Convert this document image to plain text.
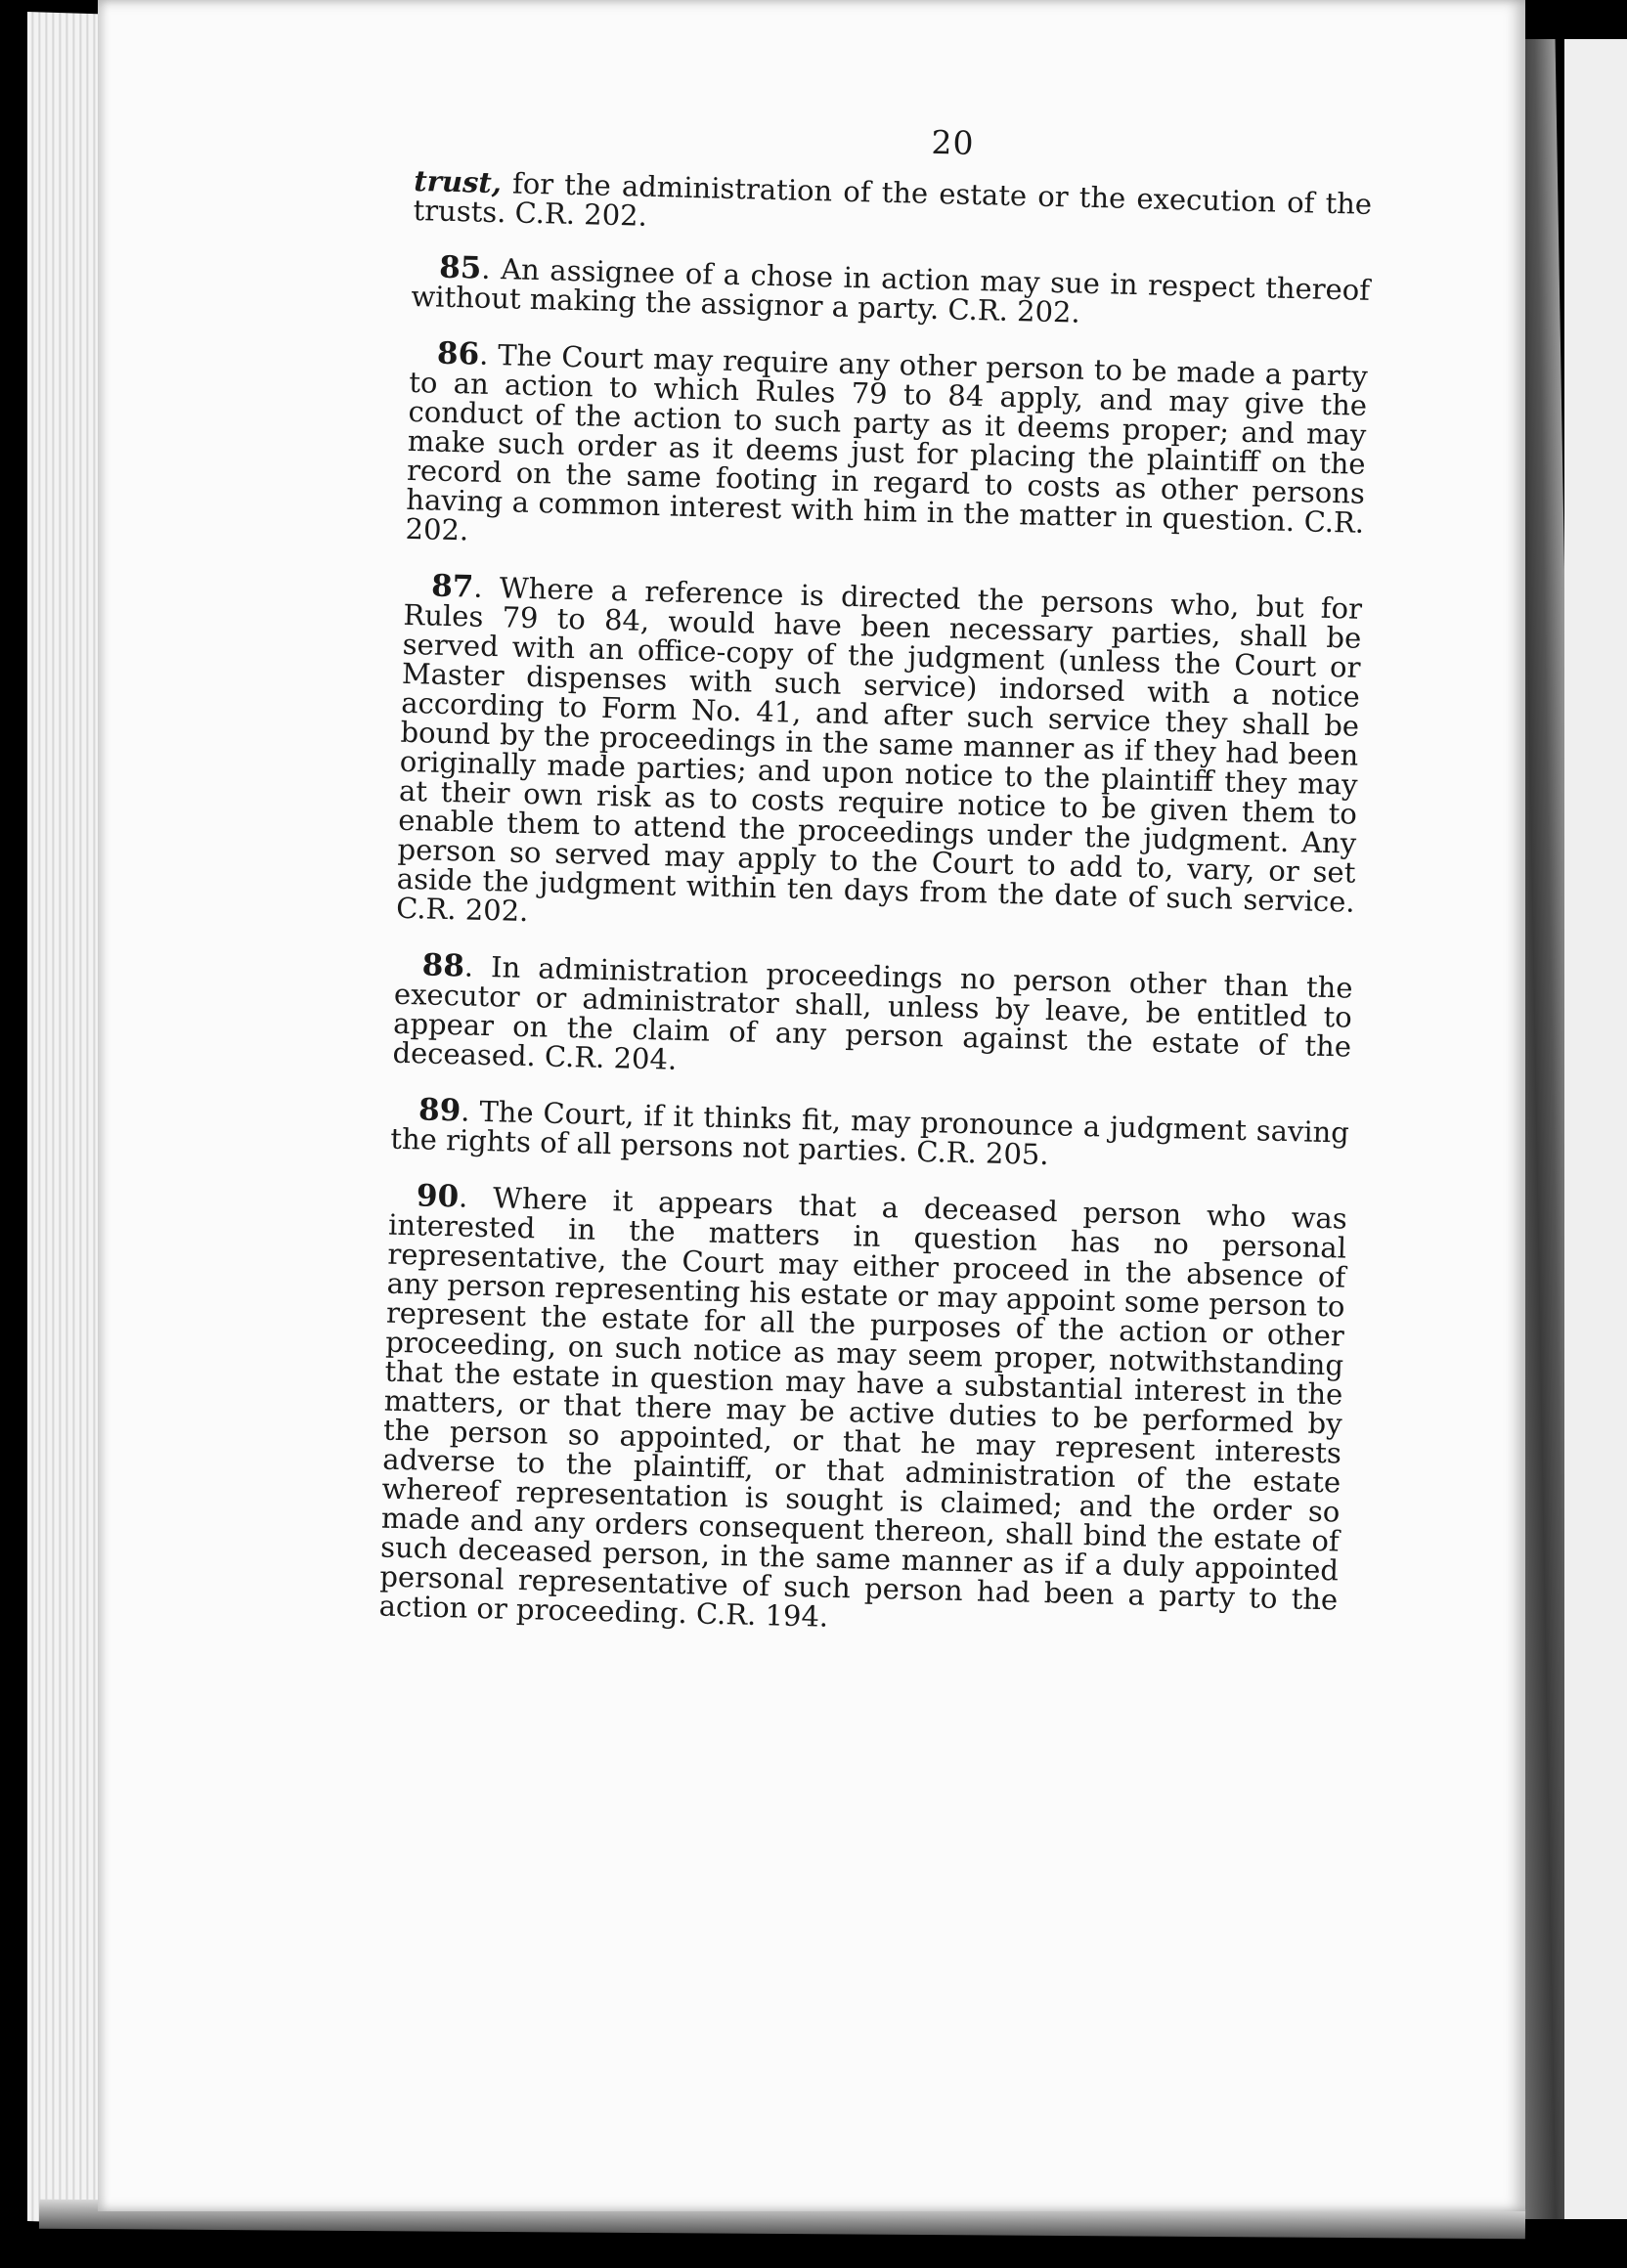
20

trust, for the administration of the estate or the execution of the trusts. C.R. 202.

85. An assignee of a chose in action may sue in respect thereof without making the assignor a party. C.R. 202.

86. The Court may require any other person to be made a party to an action to which Rules 79 to 84 apply, and may give the conduct of the action to such party as it deems proper; and may make such order as it deems just for placing the plaintiff on the record on the same footing in regard to costs as other persons having a common interest with him in the matter in question. C.R. 202.

87. Where a reference is directed the persons who, but for Rules 79 to 84, would have been necessary parties, shall be served with an office-copy of the judgment (unless the Court or Master dispenses with such service) indorsed with a notice according to Form No. 41, and after such service they shall be bound by the proceedings in the same manner as if they had been originally made parties; and upon notice to the plaintiff they may at their own risk as to costs require notice to be given them to enable them to attend the proceedings under the judgment. Any person so served may apply to the Court to add to, vary, or set aside the judgment within ten days from the date of such service. C.R. 202.

88. In administration proceedings no person other than the executor or administrator shall, unless by leave, be entitled to appear on the claim of any person against the estate of the deceased. C.R. 204.

89. The Court, if it thinks fit, may pronounce a judgment saving the rights of all persons not parties. C.R. 205.

90. Where it appears that a deceased person who was interested in the matters in question has no personal representative, the Court may either proceed in the absence of any person representing his estate or may appoint some person to represent the estate for all the purposes of the action or other proceeding, on such notice as may seem proper, notwithstanding that the estate in question may have a substantial interest in the matters, or that there may be active duties to be performed by the person so appointed, or that he may represent interests adverse to the plaintiff, or that administration of the estate whereof representation is sought is claimed; and the order so made and any orders consequent thereon, shall bind the estate of such deceased person, in the same manner as if a duly appointed personal representative of such person had been a party to the action or proceeding. C.R. 194.
